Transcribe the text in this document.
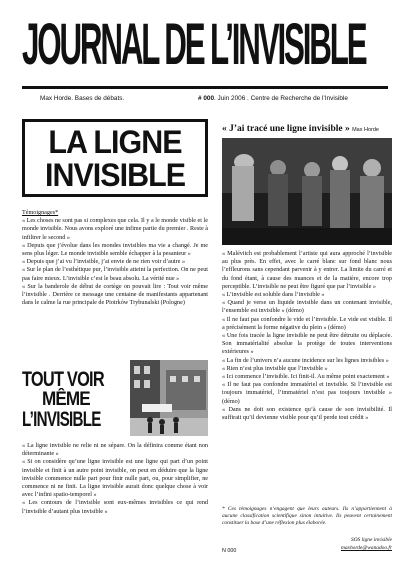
JOURNAL DE L’INVISIBLE
Max Horde. Bases de débats.	# 000. Juin 2006 . Centre de Recherche de l’Invisible
LA LIGNE
INVISIBLE

Témoignages*

« Les choses ne sont pas si complexes que cela. Il y a le monde visible et le monde invisible. Nous avons exploré une infime partie du premier . Reste à infiltrer le second »

« Depuis que j’évolue dans les mondes invisibles ma vie a changé. Je me sens plus léger. Le monde invisible semble échapper à la pesanteur »

« Depuis que j’ai vu l’invisible, j’ai envie de ne rien voir d’autre »

« Sur le plan de l’esthétique pur, l’invisible atteint la perfection. On ne peut pas faire mieux. L’invisible c’est le beau absolu. La vérité nue »

« Sur la banderole de début de cortège on pouvait lire : Tout voir même l’invisible . Derrière ce message une centaine de manifestants appartenant dans le calme la rue principale de Piotrków Trybunalski (Pologne)

TOUT VOIR
MÊME
L’INVISIBLE

« La ligne invisible ne relie ni ne sépare. On la définira comme étant non déterminante »

« Si on considère qu’une ligne invisible est une ligne qui part d’un point invisible et finit à un autre point invisible, on peut en déduire que la ligne invisible commence nulle part pour finir nulle part, ou, pour simplifier, ne commence ni ne finit. La ligne invisible aurait donc quelque chose à voir avec l’infini spatio-temporel »

« Les contours de l’invisible sont eux-mêmes invisibles ce qui rend l’invisible d’autant plus invisible »

« J’ai tracé une ligne invisible » Max Horde

« Malévitch est probablement l’artiste qui aura approché l’invisible au plus près. En effet, avec le carré blanc sur fond blanc nous l’effleurons sans cependant parvenir à y entrer. La limite du carré et du fond étant, à cause des nuances et de la matière, encore trop perceptible. L’invisible ne peut être figuré que par l’invisible »

« L’invisible est soluble dans l’invisible »

« Quand je verse un liquide invisible dans un contenant invisible, l’ensemble est invisible » (démo)

« Il ne faut pas confondre le vide et l’invisible. Le vide est visible. Il a précisément la forme négative du plein » (démo)

« Une fois tracée la ligne invisible ne peut être détruite ou déplacée. Son immatérialité absolue la protège de toutes interventions extérieures »

« La fin de l’univers n’a aucune incidence sur les lignes invisibles »

« Rien n’est plus invisible que l’invisible »

« Ici commence l’invisible. Ici finit-il. Au même point exactement »

« Il ne faut pas confondre immatériel et invisible. Si l’invisible est toujours immatériel, l’immatériel n’est pas toujours invisible » (démo)

« Dans ne doit son existence qu’à cause de son invisibilité. Il suffirait qu’il devienne visible pour qu’il perde tout crédit »

* Ces témoignages n’engagent que leurs auteurs. Ils n’appartiennent à aucune classification scientifique sinon intuitive. Ils peuvent certainement constituer la base d’une réflexion plus élaborée.
N 000
SOS ligne invisible
maxhorde@wanadoo.fr
